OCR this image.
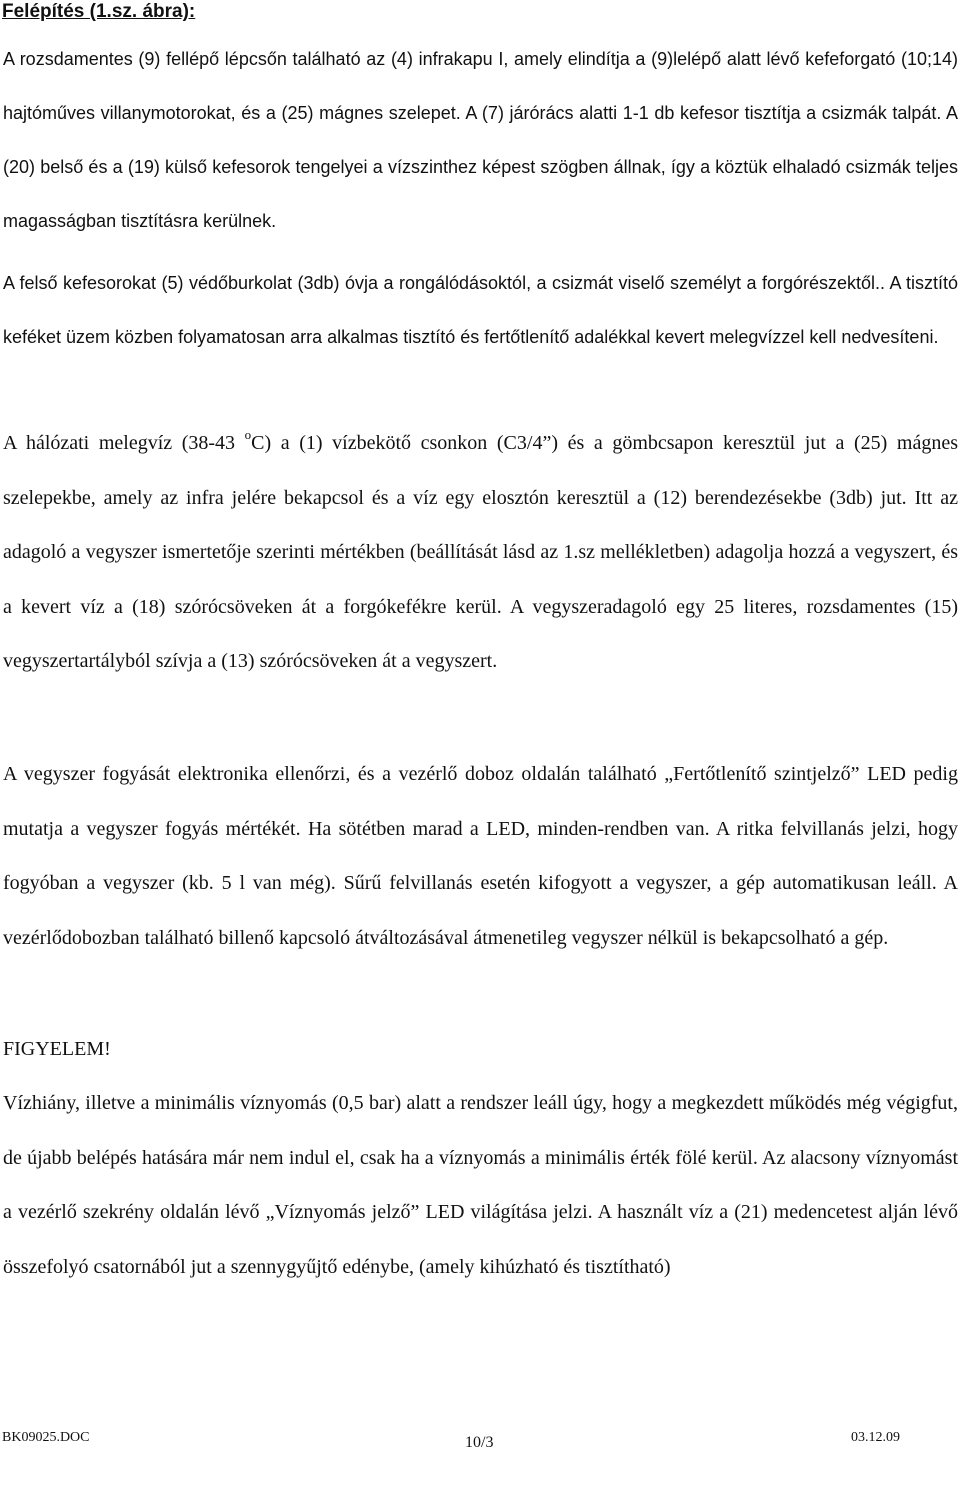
Felépítés (1.sz. ábra):

A rozsdamentes (9) fellépő lépcsőn található az (4) infrakapu I, amely elindítja a (9)lelépő alatt lévő kefeforgató (10;14) hajtóműves villanymotorokat, és a (25) mágnes szelepet. A (7) járórács alatti 1-1 db kefesor tisztítja a csizmák talpát. A (20) belső és a (19) külső kefesorok tengelyei a vízszinthez képest szögben állnak, így a köztük elhaladó csizmák teljes magasságban tisztításra kerülnek.

A felső kefesorokat (5) védőburkolat (3db) óvja a rongálódásoktól, a csizmát viselő személyt a forgórészektől.. A tisztító keféket üzem közben folyamatosan arra alkalmas tisztító és fertőtlenítő adalékkal kevert melegvízzel kell nedvesíteni.

A hálózati melegvíz (38-43 $^o$C) a (1) vízbekötő csonkon (C3/4”) és a gömbcsapon keresztül jut a (25) mágnes szelepekbe, amely az infra jelére bekapcsol és a víz egy elosztón keresztül a (12) berendezésekbe (3db) jut. Itt az adagoló a vegyszer ismertetője szerinti mértékben (beállítását lásd az 1.sz mellékletben) adagolja hozzá a vegyszert, és a kevert víz a (18) szórócsöveken át a forgókefékre kerül. A vegyszeradagoló egy 25 literes, rozsdamentes (15) vegyszertartályból szívja a (13) szórócsöveken át a vegyszert.

A vegyszer fogyását elektronika ellenőrzi, és a vezérlő doboz oldalán található „Fertőtlenítő szintjelző” LED pedig mutatja a vegyszer fogyás mértékét. Ha sötétben marad a LED, minden-rendben van. A ritka felvillanás jelzi, hogy fogyóban a vegyszer (kb. 5 l van még). Sűrű felvillanás esetén kifogyott a vegyszer, a gép automatikusan leáll. A vezérlődobozban található billenő kapcsoló átváltozásával átmenetileg vegyszer nélkül is bekapcsolható a gép.

FIGYELEM!

Vízhiány, illetve a minimális víznyomás (0,5 bar) alatt a rendszer leáll úgy, hogy a megkezdett működés még végigfut, de újabb belépés hatására már nem indul el, csak ha a víznyomás a minimális érték fölé kerül. Az alacsony víznyomást a vezérlő szekrény oldalán lévő „Víznyomás jelző” LED világítása jelzi. A használt víz a (21) medencetest alján lévő összefolyó csatornából jut a szennygyűjtő edénybe, (amely kihúzható és tisztítható)

BK09025.DOC	10/3	03.12.09
